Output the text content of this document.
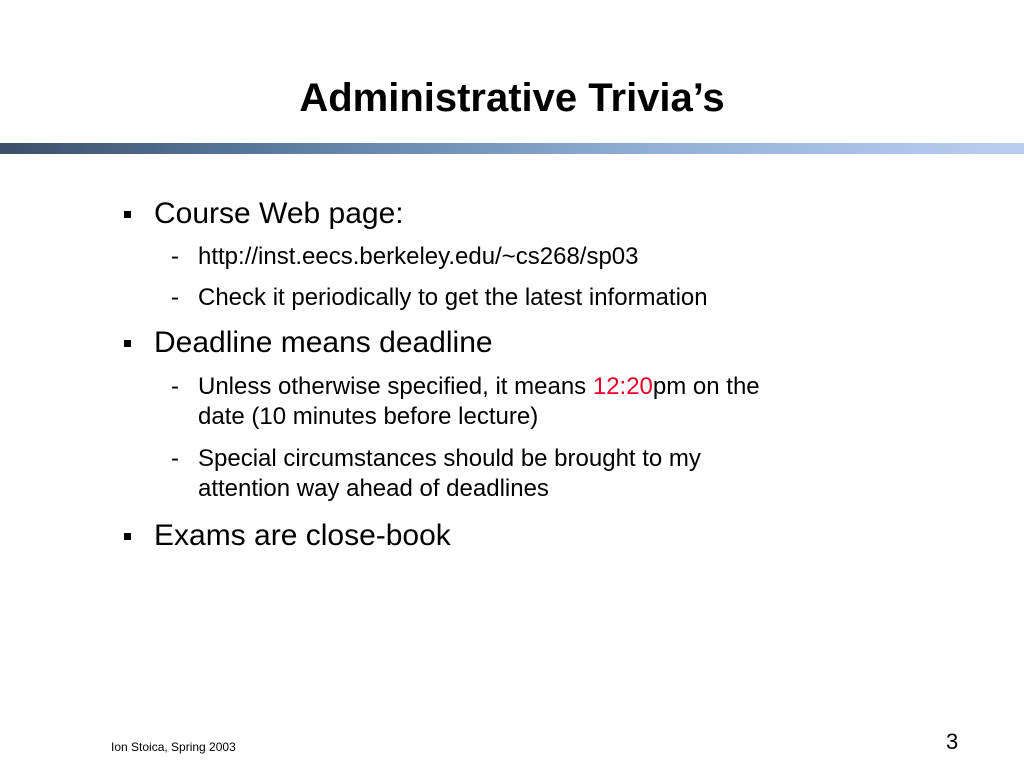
Administrative Trivia’s
Course Web page:
- http://inst.eecs.berkeley.edu/~cs268/sp03
- Check it periodically to get the latest information
Deadline means deadline
- Unless otherwise specified, it means 12:20pm on the
date (10 minutes before lecture)
- Special circumstances should be brought to my
attention way ahead of deadlines
Exams are close-book
Ion Stoica, Spring 2003	3
